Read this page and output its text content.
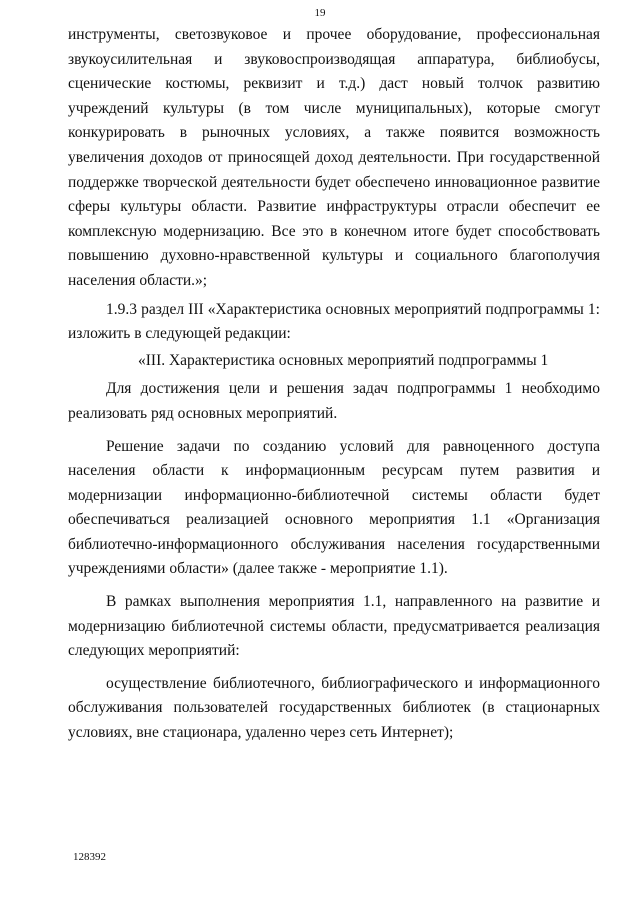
19

инструменты, светозвуковое и прочее оборудование, профессиональная звукоусилительная и звуковоспроизводящая аппаратура, библиобусы, сценические костюмы, реквизит и т.д.) даст новый толчок развитию учреждений культуры (в том числе муниципальных), которые смогут конкурировать в рыночных условиях, а также появится возможность увеличения доходов от приносящей доход деятельности. При государственной поддержке творческой деятельности будет обеспечено инновационное развитие сферы культуры области. Развитие инфраструктуры отрасли обеспечит ее комплексную модернизацию. Все это в конечном итоге будет способствовать повышению духовно-нравственной культуры и социального благополучия населения области.»;

1.9.3 раздел III «Характеристика основных мероприятий подпрограммы 1: изложить в следующей редакции:

«III. Характеристика основных мероприятий подпрограммы 1

Для достижения цели и решения задач подпрограммы 1 необходимо реализовать ряд основных мероприятий.

Решение задачи по созданию условий для равноценного доступа населения области к информационным ресурсам путем развития и модернизации информационно-библиотечной системы области будет обеспечиваться реализацией основного мероприятия 1.1 «Организация библиотечно-информационного обслуживания населения государственными учреждениями области» (далее также - мероприятие 1.1).

В рамках выполнения мероприятия 1.1, направленного на развитие и модернизацию библиотечной системы области, предусматривается реализация следующих мероприятий:

осуществление библиотечного, библиографического и информационного обслуживания пользователей государственных библиотек (в стационарных условиях, вне стационара, удаленно через сеть Интернет);

128392
